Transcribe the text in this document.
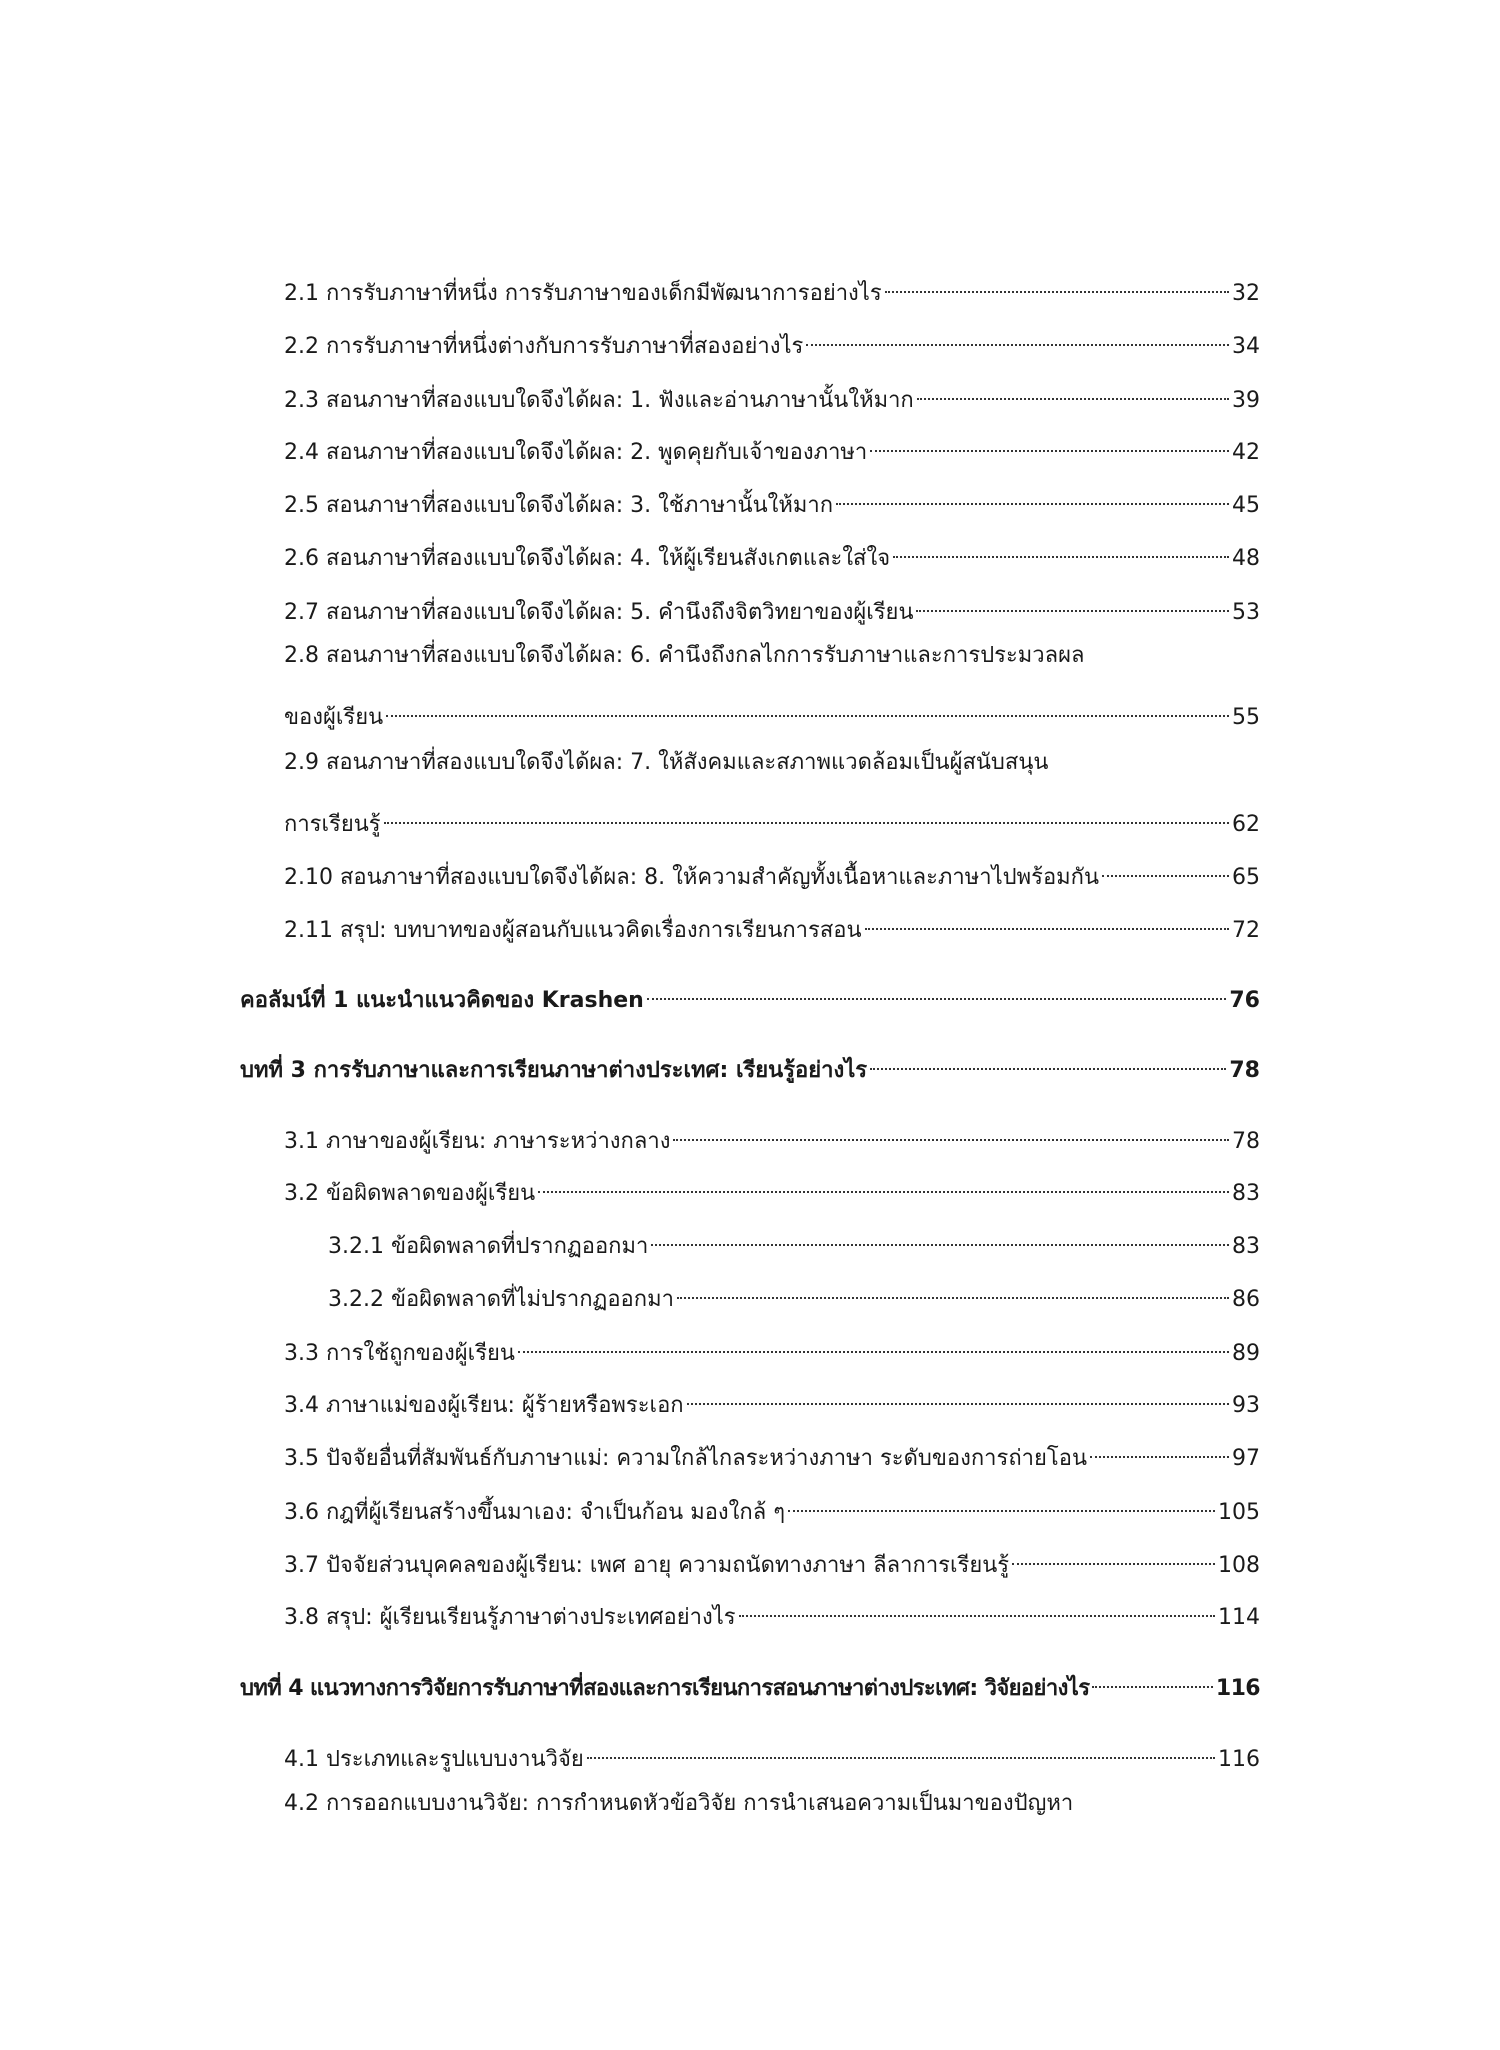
2.1 การรับภาษาที่หนึ่ง การรับภาษาของเด็กมีพัฒนาการอย่างไร	32
2.2 การรับภาษาที่หนึ่งต่างกับการรับภาษาที่สองอย่างไร	34
2.3 สอนภาษาที่สองแบบใดจึงได้ผล: 1. ฟังและอ่านภาษานั้นให้มาก	39
2.4 สอนภาษาที่สองแบบใดจึงได้ผล: 2. พูดคุยกับเจ้าของภาษา	42
2.5 สอนภาษาที่สองแบบใดจึงได้ผล: 3. ใช้ภาษานั้นให้มาก	45
2.6 สอนภาษาที่สองแบบใดจึงได้ผล: 4. ให้ผู้เรียนสังเกตและใส่ใจ	48
2.7 สอนภาษาที่สองแบบใดจึงได้ผล: 5. คำนึงถึงจิตวิทยาของผู้เรียน	53
2.8 สอนภาษาที่สองแบบใดจึงได้ผล: 6. คำนึงถึงกลไกการรับภาษาและการประมวลผล
ของผู้เรียน	55
2.9 สอนภาษาที่สองแบบใดจึงได้ผล: 7. ให้สังคมและสภาพแวดล้อมเป็นผู้สนับสนุน
การเรียนรู้	62
2.10 สอนภาษาที่สองแบบใดจึงได้ผล: 8. ให้ความสำคัญทั้งเนื้อหาและภาษาไปพร้อมกัน	65
2.11 สรุป: บทบาทของผู้สอนกับแนวคิดเรื่องการเรียนการสอน	72
คอลัมน์ที่ 1 แนะนำแนวคิดของ Krashen	76
บทที่ 3 การรับภาษาและการเรียนภาษาต่างประเทศ: เรียนรู้อย่างไร	78
3.1 ภาษาของผู้เรียน: ภาษาระหว่างกลาง	78
3.2 ข้อผิดพลาดของผู้เรียน	83
3.2.1 ข้อผิดพลาดที่ปรากฏออกมา	83
3.2.2 ข้อผิดพลาดที่ไม่ปรากฏออกมา	86
3.3 การใช้ถูกของผู้เรียน	89
3.4 ภาษาแม่ของผู้เรียน: ผู้ร้ายหรือพระเอก	93
3.5 ปัจจัยอื่นที่สัมพันธ์กับภาษาแม่: ความใกล้ไกลระหว่างภาษา ระดับของการถ่ายโอน	97
3.6 กฎที่ผู้เรียนสร้างขึ้นมาเอง: จำเป็นก้อน มองใกล้ ๆ	105
3.7 ปัจจัยส่วนบุคคลของผู้เรียน: เพศ อายุ ความถนัดทางภาษา ลีลาการเรียนรู้	108
3.8 สรุป: ผู้เรียนเรียนรู้ภาษาต่างประเทศอย่างไร	114
บทที่ 4 แนวทางการวิจัยการรับภาษาที่สองและการเรียนการสอนภาษาต่างประเทศ: วิจัยอย่างไร	116
4.1 ประเภทและรูปแบบงานวิจัย	116
4.2 การออกแบบงานวิจัย: การกำหนดหัวข้อวิจัย การนำเสนอความเป็นมาของปัญหา
